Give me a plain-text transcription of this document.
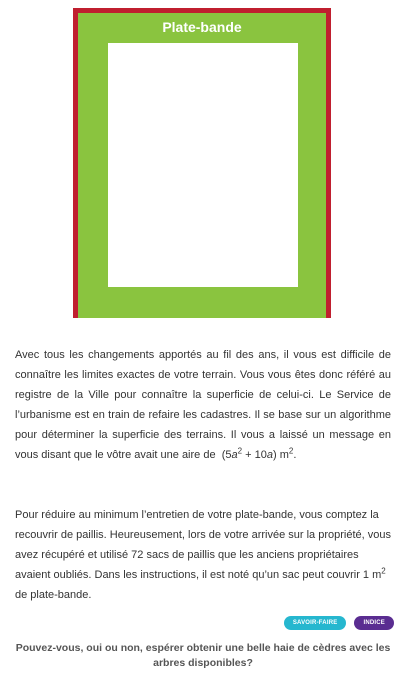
Plate-bande
Avec tous les changements apportés au fil des ans, il vous est difficile de connaître les limites exactes de votre terrain. Vous vous êtes donc référé au registre de la Ville pour connaître la superficie de celui-ci. Le Service de l’urbanisme est en train de refaire les cadastres. Il se base sur un algorithme pour déterminer la superficie des terrains. Il vous a laissé un message en vous disant que le vôtre avait une aire de $(5a^2 + 10a)$ $m^2$.
Pour réduire au minimum l’entretien de votre plate-bande, vous comptez la recouvrir de paillis. Heureusement, lors de votre arrivée sur la propriété, vous avez récupéré et utilisé 72 sacs de paillis que les anciens propriétaires avaient oubliés. Dans les instructions, il est noté qu’un sac peut couvrir 1 $m^2$ de plate-bande.
SAVOIR-FAIRE	INDICE
Pouvez-vous, oui ou non, espérer obtenir une belle haie de cèdres avec les arbres disponibles?
